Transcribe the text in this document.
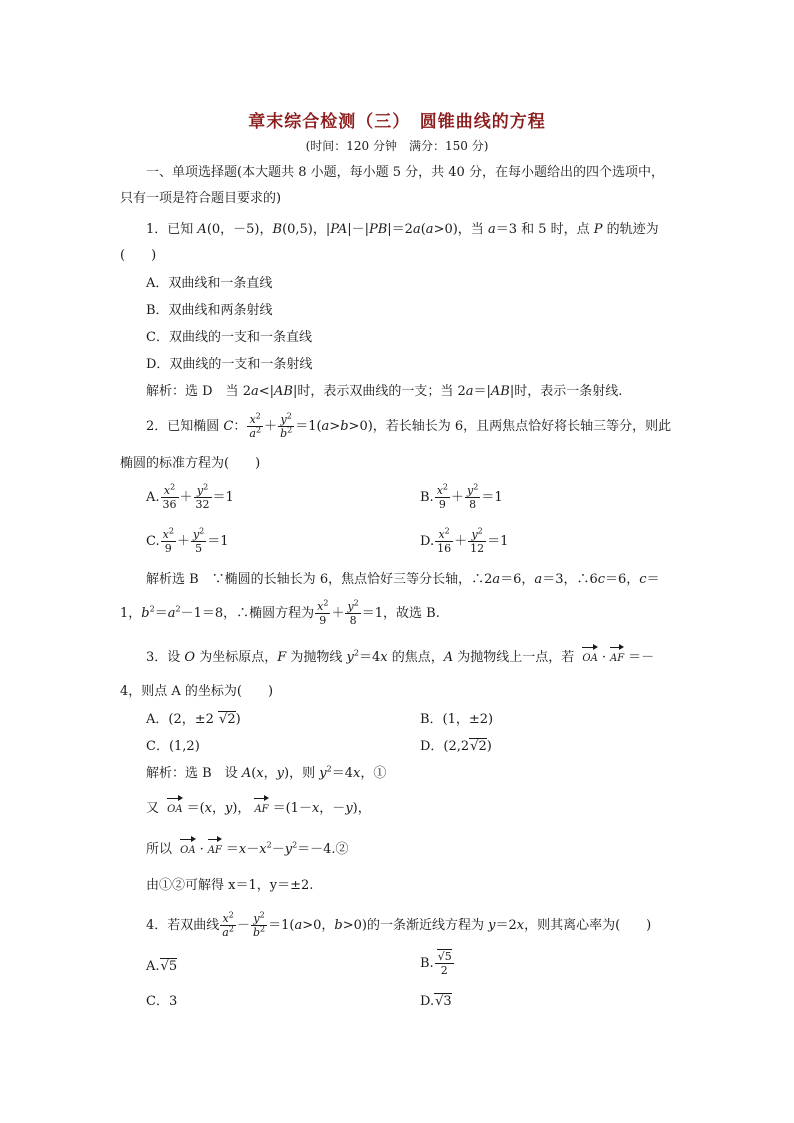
章末综合检测（三）　圆锥曲线的方程
(时间：120 分钟　满分：150 分)
一、单项选择题(本大题共 8 小题，每小题 5 分，共 40 分，在每小题给出的四个选项中，
只有一项是符合题目要求的)
1．已知 A(0，－5)，B(0,5)，|PA|－|PB|＝2a(a>0)，当 a＝3 和 5 时，点 P 的轨迹为
(　　)
A．双曲线和一条直线
B．双曲线和两条射线
C．双曲线的一支和一条直线
D．双曲线的一支和一条射线
解析：选 D　当 2a<|AB|时，表示双曲线的一支；当 2a＝|AB|时，表示一条射线.
2．已知椭圆 C： $\frac{x^2}{a^2} + \frac{y^2}{b^2} =1(a>b>0)$，若长轴长为 6，且两焦点恰好将长轴三等分，则此
椭圆的标准方程为(　　)
A. $\frac{x^2}{36} + \frac{y^2}{32} =1$	B. $\frac{x^2}{9} + \frac{y^2}{8} =1$
C. $\frac{x^2}{9} + \frac{y^2}{5} =1$	D. $\frac{x^2}{16} + \frac{y^2}{12} =1$
解析选 B　∵椭圆的长轴长为 6，焦点恰好三等分长轴，∴2a＝6，a＝3，∴6c＝6，c＝
1，$b^2=a^2-1=8$，∴椭圆方程为 $\frac{x^2}{9} + \frac{y^2}{8} =1$，故选 B.
3．设 O 为坐标原点，F 为抛物线 $y^2=4x$ 的焦点，A 为抛物线上一点，若 OA · AF ＝－
4，则点 A 的坐标为(　　)
A．(2，±2 √2)	B．(1，±2)
C．(1,2)	D．(2,2√2)
解析：选 B　设 A(x，y)，则 $y^2=4x$，①
又 OA ＝(x，y)， AF ＝(1－x，－y)，
所以 OA · AF $=x-x^2-y^2=-4.②$
由①②可解得 x＝1，y＝±2.
4．若双曲线 $\frac{x^2}{a^2} - \frac{y^2}{b^2} =1(a>0$，b>0)的一条渐近线方程为 y＝2x，则其离心率为(　　)
A.√5	B. $\frac{√5}{2}$
C．3	D.√3
